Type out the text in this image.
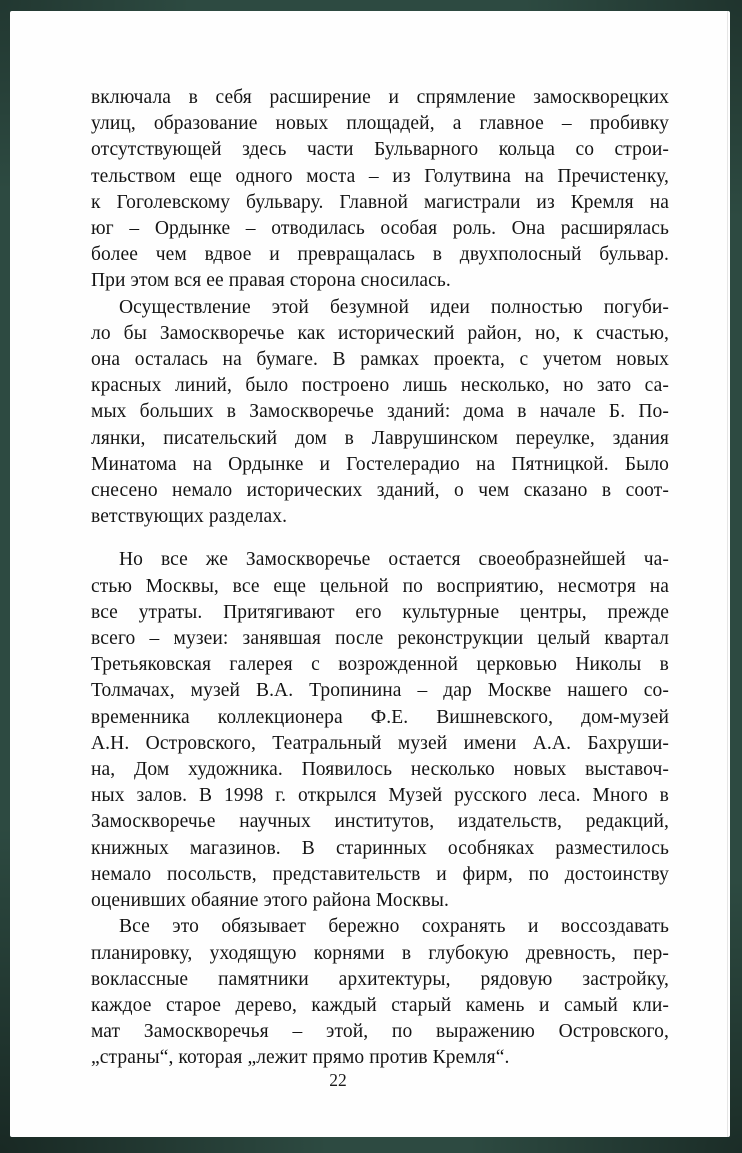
включала в себя расширение и спрямление замоскворецких
улиц, образование новых площадей, а главное – пробивку
отсутствующей здесь части Бульварного кольца со строи-
тельством еще одного моста – из Голутвина на Пречистенку,
к Гоголевскому бульвару. Главной магистрали из Кремля на
юг – Ордынке – отводилась особая роль. Она расширялась
более чем вдвое и превращалась в двухполосный бульвар.
При этом вся ее правая сторона сносилась.
Осуществление этой безумной идеи полностью погуби-
ло бы Замоскворечье как исторический район, но, к счастью,
она осталась на бумаге. В рамках проекта, с учетом новых
красных линий, было построено лишь несколько, но зато са-
мых больших в Замоскворечье зданий: дома в начале Б. По-
лянки, писательский дом в Лаврушинском переулке, здания
Минатома на Ордынке и Гостелерадио на Пятницкой. Было
снесено немало исторических зданий, о чем сказано в соот-
ветствующих разделах.
Но все же Замоскворечье остается своеобразнейшей ча-
стью Москвы, все еще цельной по восприятию, несмотря на
все утраты. Притягивают его культурные центры, прежде
всего – музеи: занявшая после реконструкции целый квартал
Третьяковская галерея с возрожденной церковью Николы в
Толмачах, музей В.А. Тропинина – дар Москве нашего со-
временника коллекционера Ф.Е. Вишневского, дом-музей
А.Н. Островского, Театральный музей имени А.А. Бахруши-
на, Дом художника. Появилось несколько новых выставоч-
ных залов. В 1998 г. открылся Музей русского леса. Много в
Замоскворечье научных институтов, издательств, редакций,
книжных магазинов. В старинных особняках разместилось
немало посольств, представительств и фирм, по достоинству
оценивших обаяние этого района Москвы.
Все это обязывает бережно сохранять и воссоздавать
планировку, уходящую корнями в глубокую древность, пер-
воклассные памятники архитектуры, рядовую застройку,
каждое старое дерево, каждый старый камень и самый кли-
мат Замоскворечья – этой, по выражению Островского,
„страны“, которая „лежит прямо против Кремля“.
22
